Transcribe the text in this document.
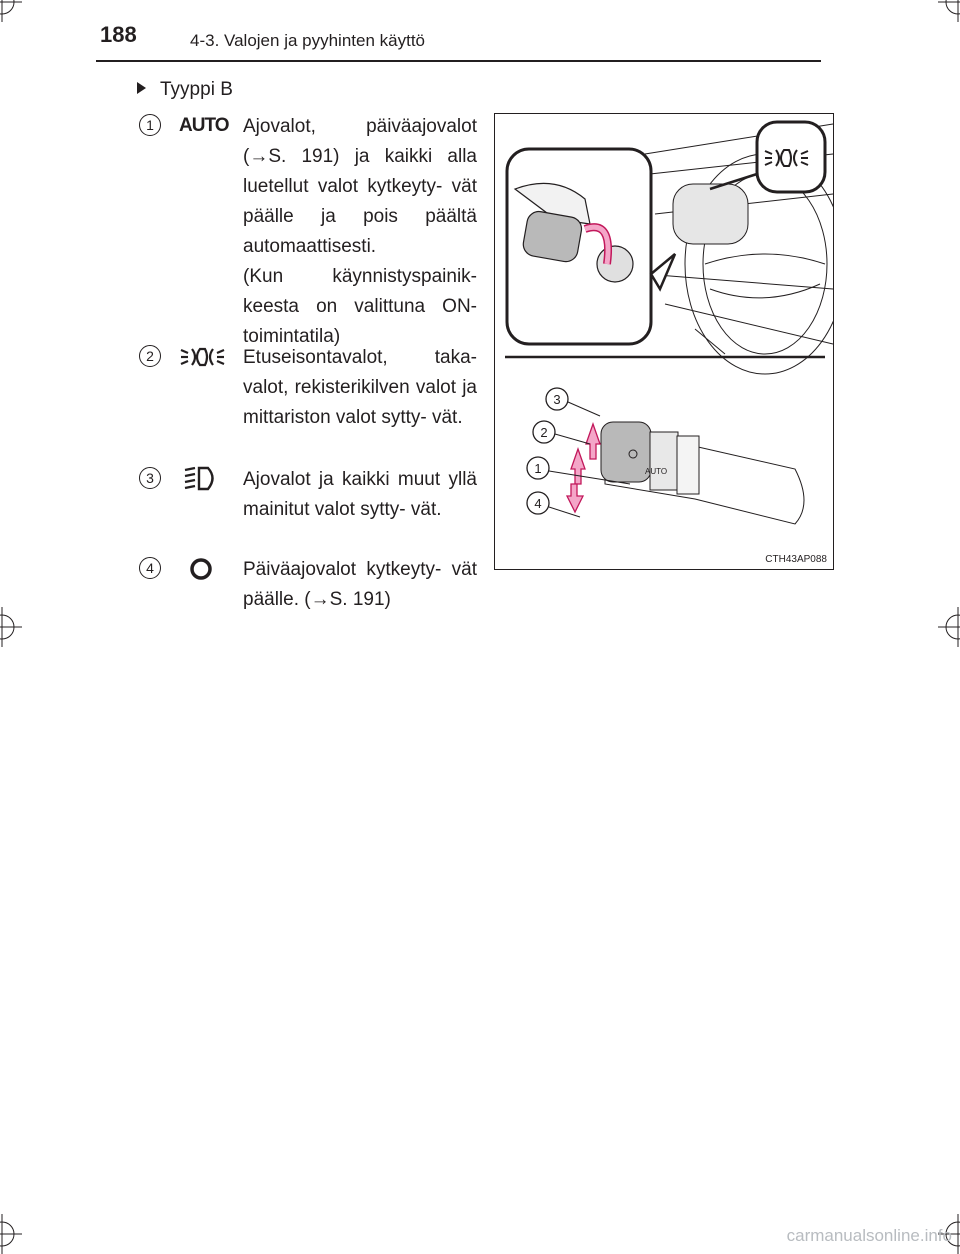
188	4-3. Valojen ja pyyhinten käyttö
Tyyppi B
1	AUTO Ajovalot, päiväajovalot (→S. 191) ja kaikki alla luetellut valot kytkeyty- vät päälle ja pois päältä automaattisesti.
(Kun käynnistyspainik- keesta on valittuna ON- toimintatila)
2	Etuseisontavalot, taka- valot, rekisterikilven valot ja mittariston valot sytty- vät.
3	Ajovalot ja kaikki muut yllä mainitut valot sytty- vät.
4	Päiväajovalot kytkeyty- vät päälle. (→S. 191)
AUTO
3
2
1
4
CTH43AP088
carmanualsonline.info
